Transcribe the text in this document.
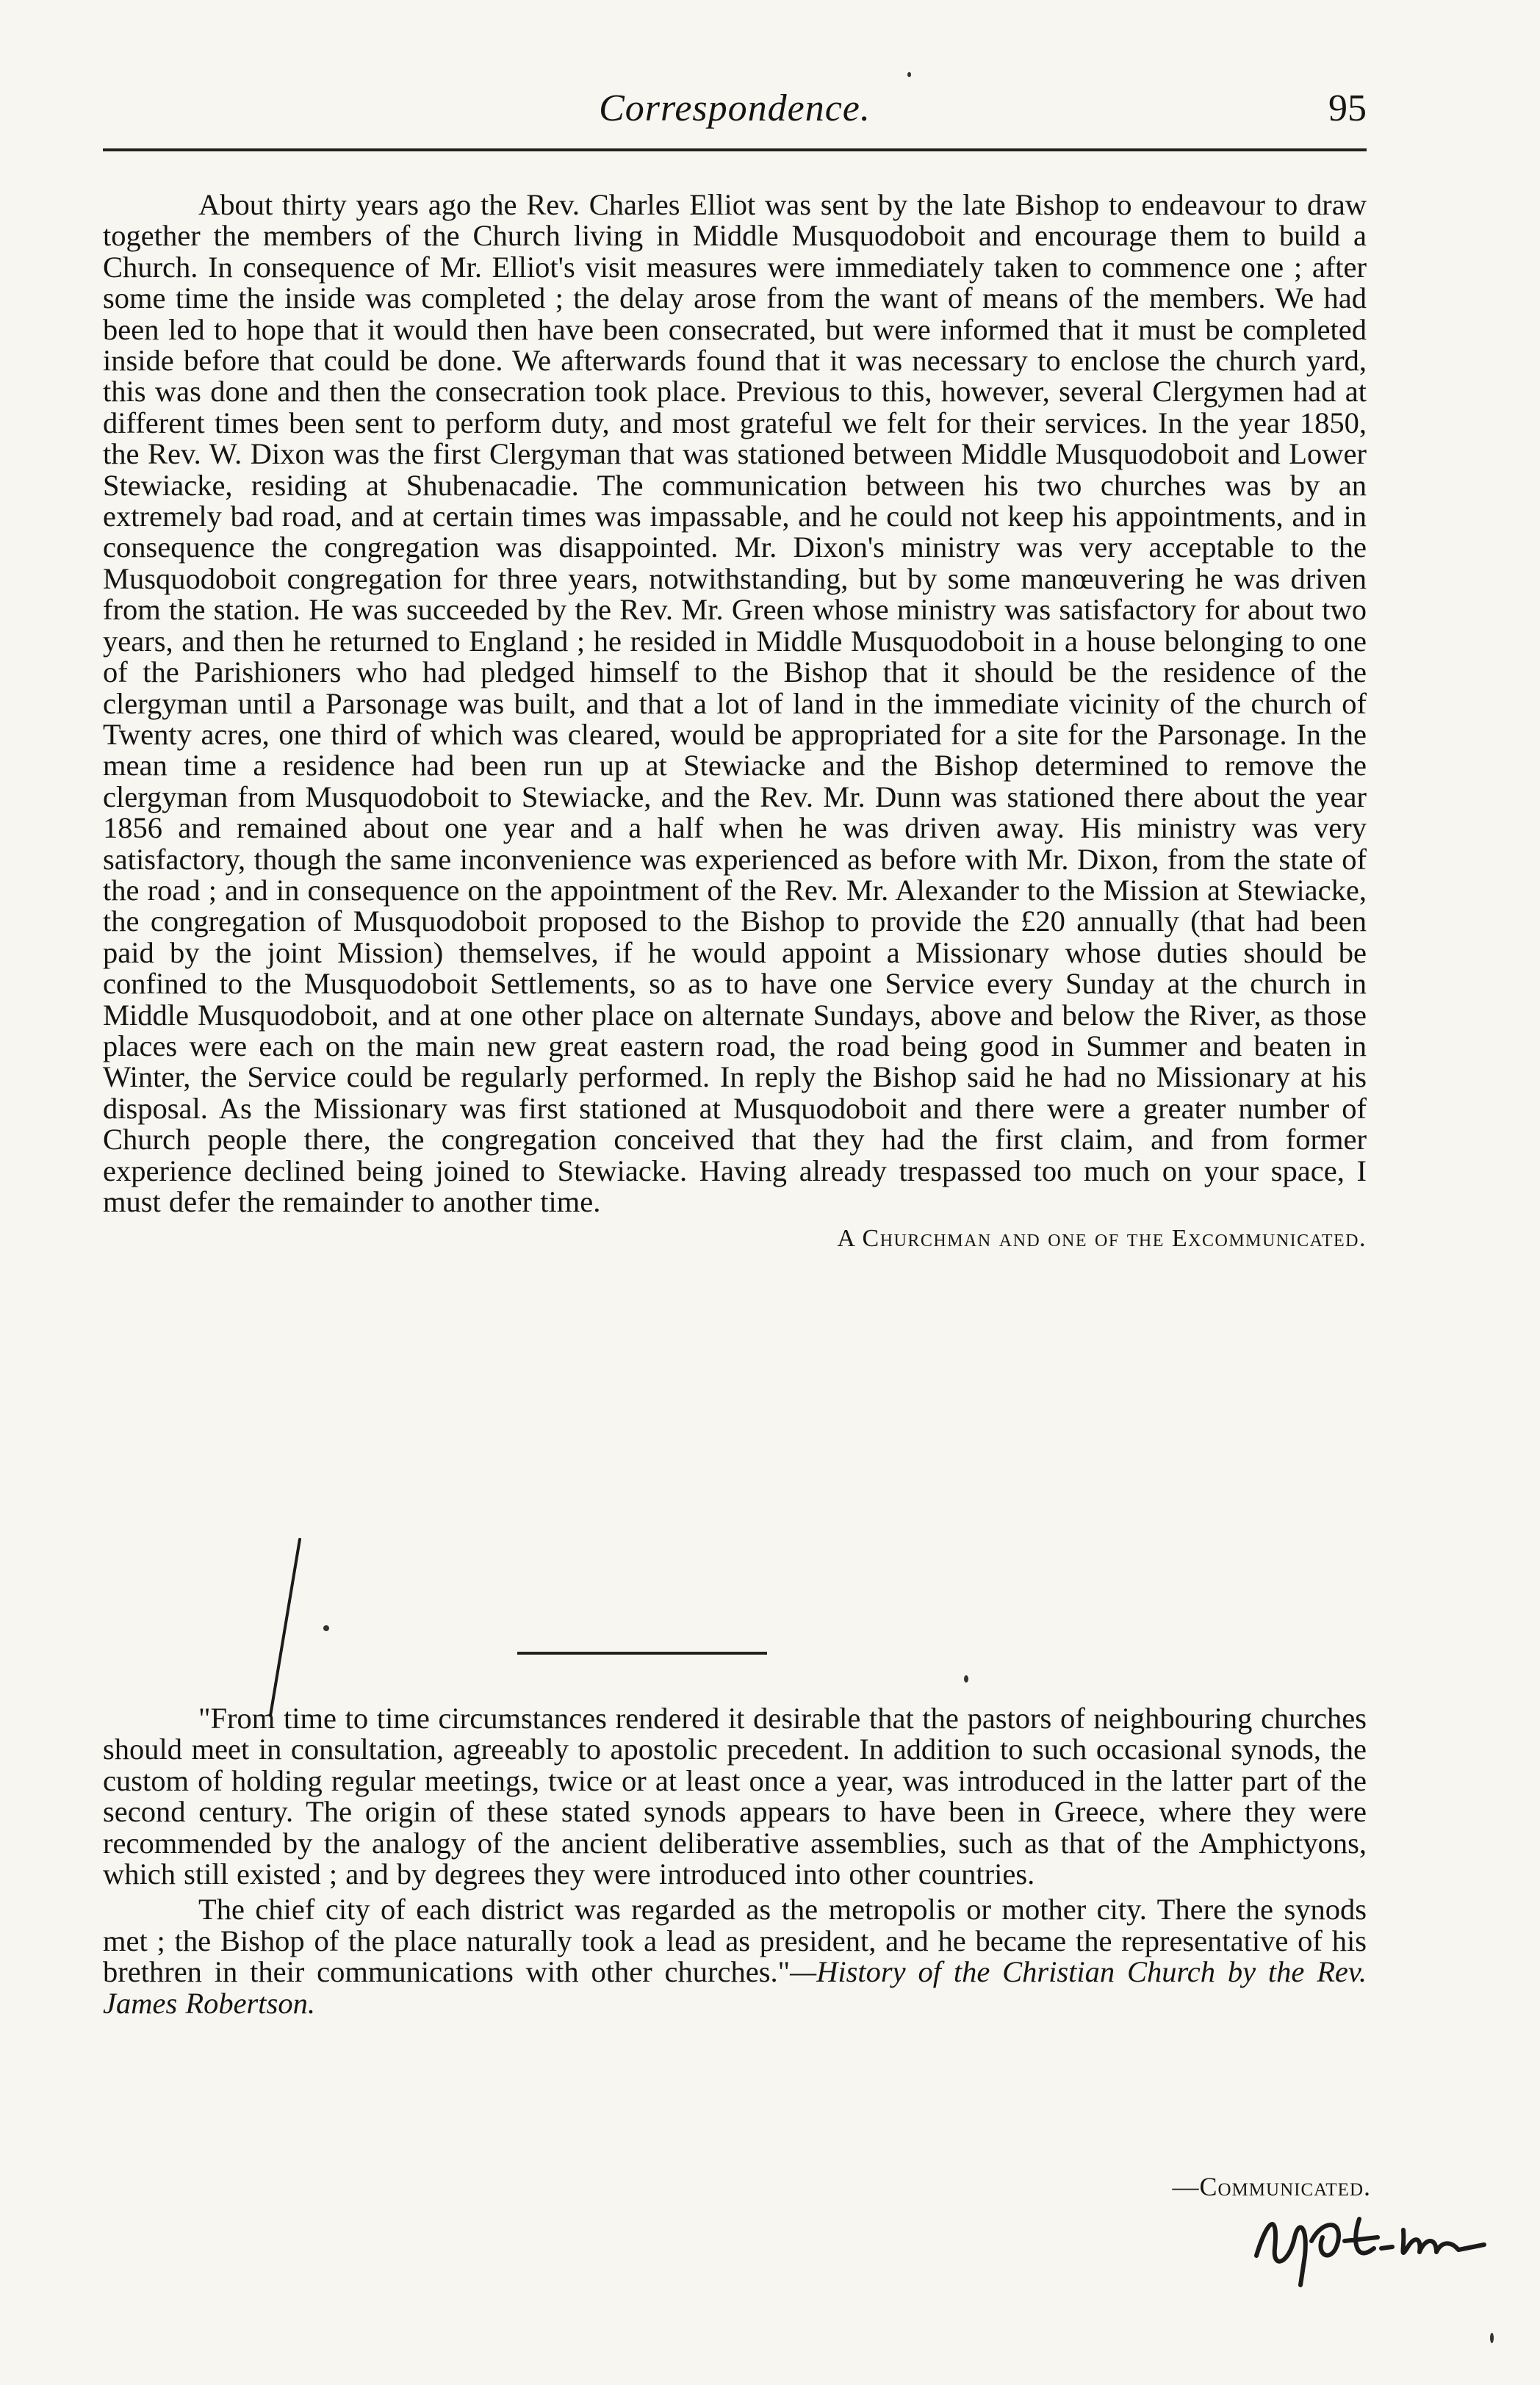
Correspondence.	95

About thirty years ago the Rev. Charles Elliot was sent by the late Bishop to endeavour to draw together the members of the Church living in Middle Musquodoboit and encourage them to build a Church. In consequence of Mr. Elliot's visit measures were immediately taken to commence one ; after some time the inside was completed ; the delay arose from the want of means of the members. We had been led to hope that it would then have been consecrated, but were informed that it must be completed inside before that could be done. We afterwards found that it was necessary to enclose the church yard, this was done and then the consecration took place. Previous to this, however, several Clergymen had at different times been sent to perform duty, and most grateful we felt for their services. In the year 1850, the Rev. W. Dixon was the first Clergyman that was stationed between Middle Musquodoboit and Lower Stewiacke, residing at Shubenacadie. The communication between his two churches was by an extremely bad road, and at certain times was impassable, and he could not keep his appointments, and in consequence the congregation was disappointed. Mr. Dixon's ministry was very acceptable to the Musquodoboit congregation for three years, notwithstanding, but by some manœuvering he was driven from the station. He was succeeded by the Rev. Mr. Green whose ministry was satisfactory for about two years, and then he returned to England ; he resided in Middle Musquodoboit in a house belonging to one of the Parishioners who had pledged himself to the Bishop that it should be the residence of the clergyman until a Parsonage was built, and that a lot of land in the immediate vicinity of the church of Twenty acres, one third of which was cleared, would be appropriated for a site for the Parsonage. In the mean time a residence had been run up at Stewiacke and the Bishop determined to remove the clergyman from Musquodoboit to Stewiacke, and the Rev. Mr. Dunn was stationed there about the year 1856 and remained about one year and a half when he was driven away. His ministry was very satisfactory, though the same inconvenience was experienced as before with Mr. Dixon, from the state of the road ; and in consequence on the appointment of the Rev. Mr. Alexander to the Mission at Stewiacke, the congregation of Musquodoboit proposed to the Bishop to provide the £20 annually (that had been paid by the joint Mission) themselves, if he would appoint a Missionary whose duties should be confined to the Musquodoboit Settlements, so as to have one Service every Sunday at the church in Middle Musquodoboit, and at one other place on alternate Sundays, above and below the River, as those places were each on the main new great eastern road, the road being good in Summer and beaten in Winter, the Service could be regularly performed. In reply the Bishop said he had no Missionary at his disposal. As the Missionary was first stationed at Musquodoboit and there were a greater number of Church people there, the congregation conceived that they had the first claim, and from former experience declined being joined to Stewiacke. Having already trespassed too much on your space, I must defer the remainder to another time.

A Churchman and one of the Excommunicated.

"From time to time circumstances rendered it desirable that the pastors of neighbouring churches should meet in consultation, agreeably to apostolic precedent. In addition to such occasional synods, the custom of holding regular meetings, twice or at least once a year, was introduced in the latter part of the second century. The origin of these stated synods appears to have been in Greece, where they were recommended by the analogy of the ancient deliberative assemblies, such as that of the Amphictyons, which still existed ; and by degrees they were introduced into other countries.

The chief city of each district was regarded as the metropolis or mother city. There the synods met ; the Bishop of the place naturally took a lead as president, and he became the representative of his brethren in their communications with other churches."—History of the Christian Church by the Rev. James Robertson.

—Communicated.
